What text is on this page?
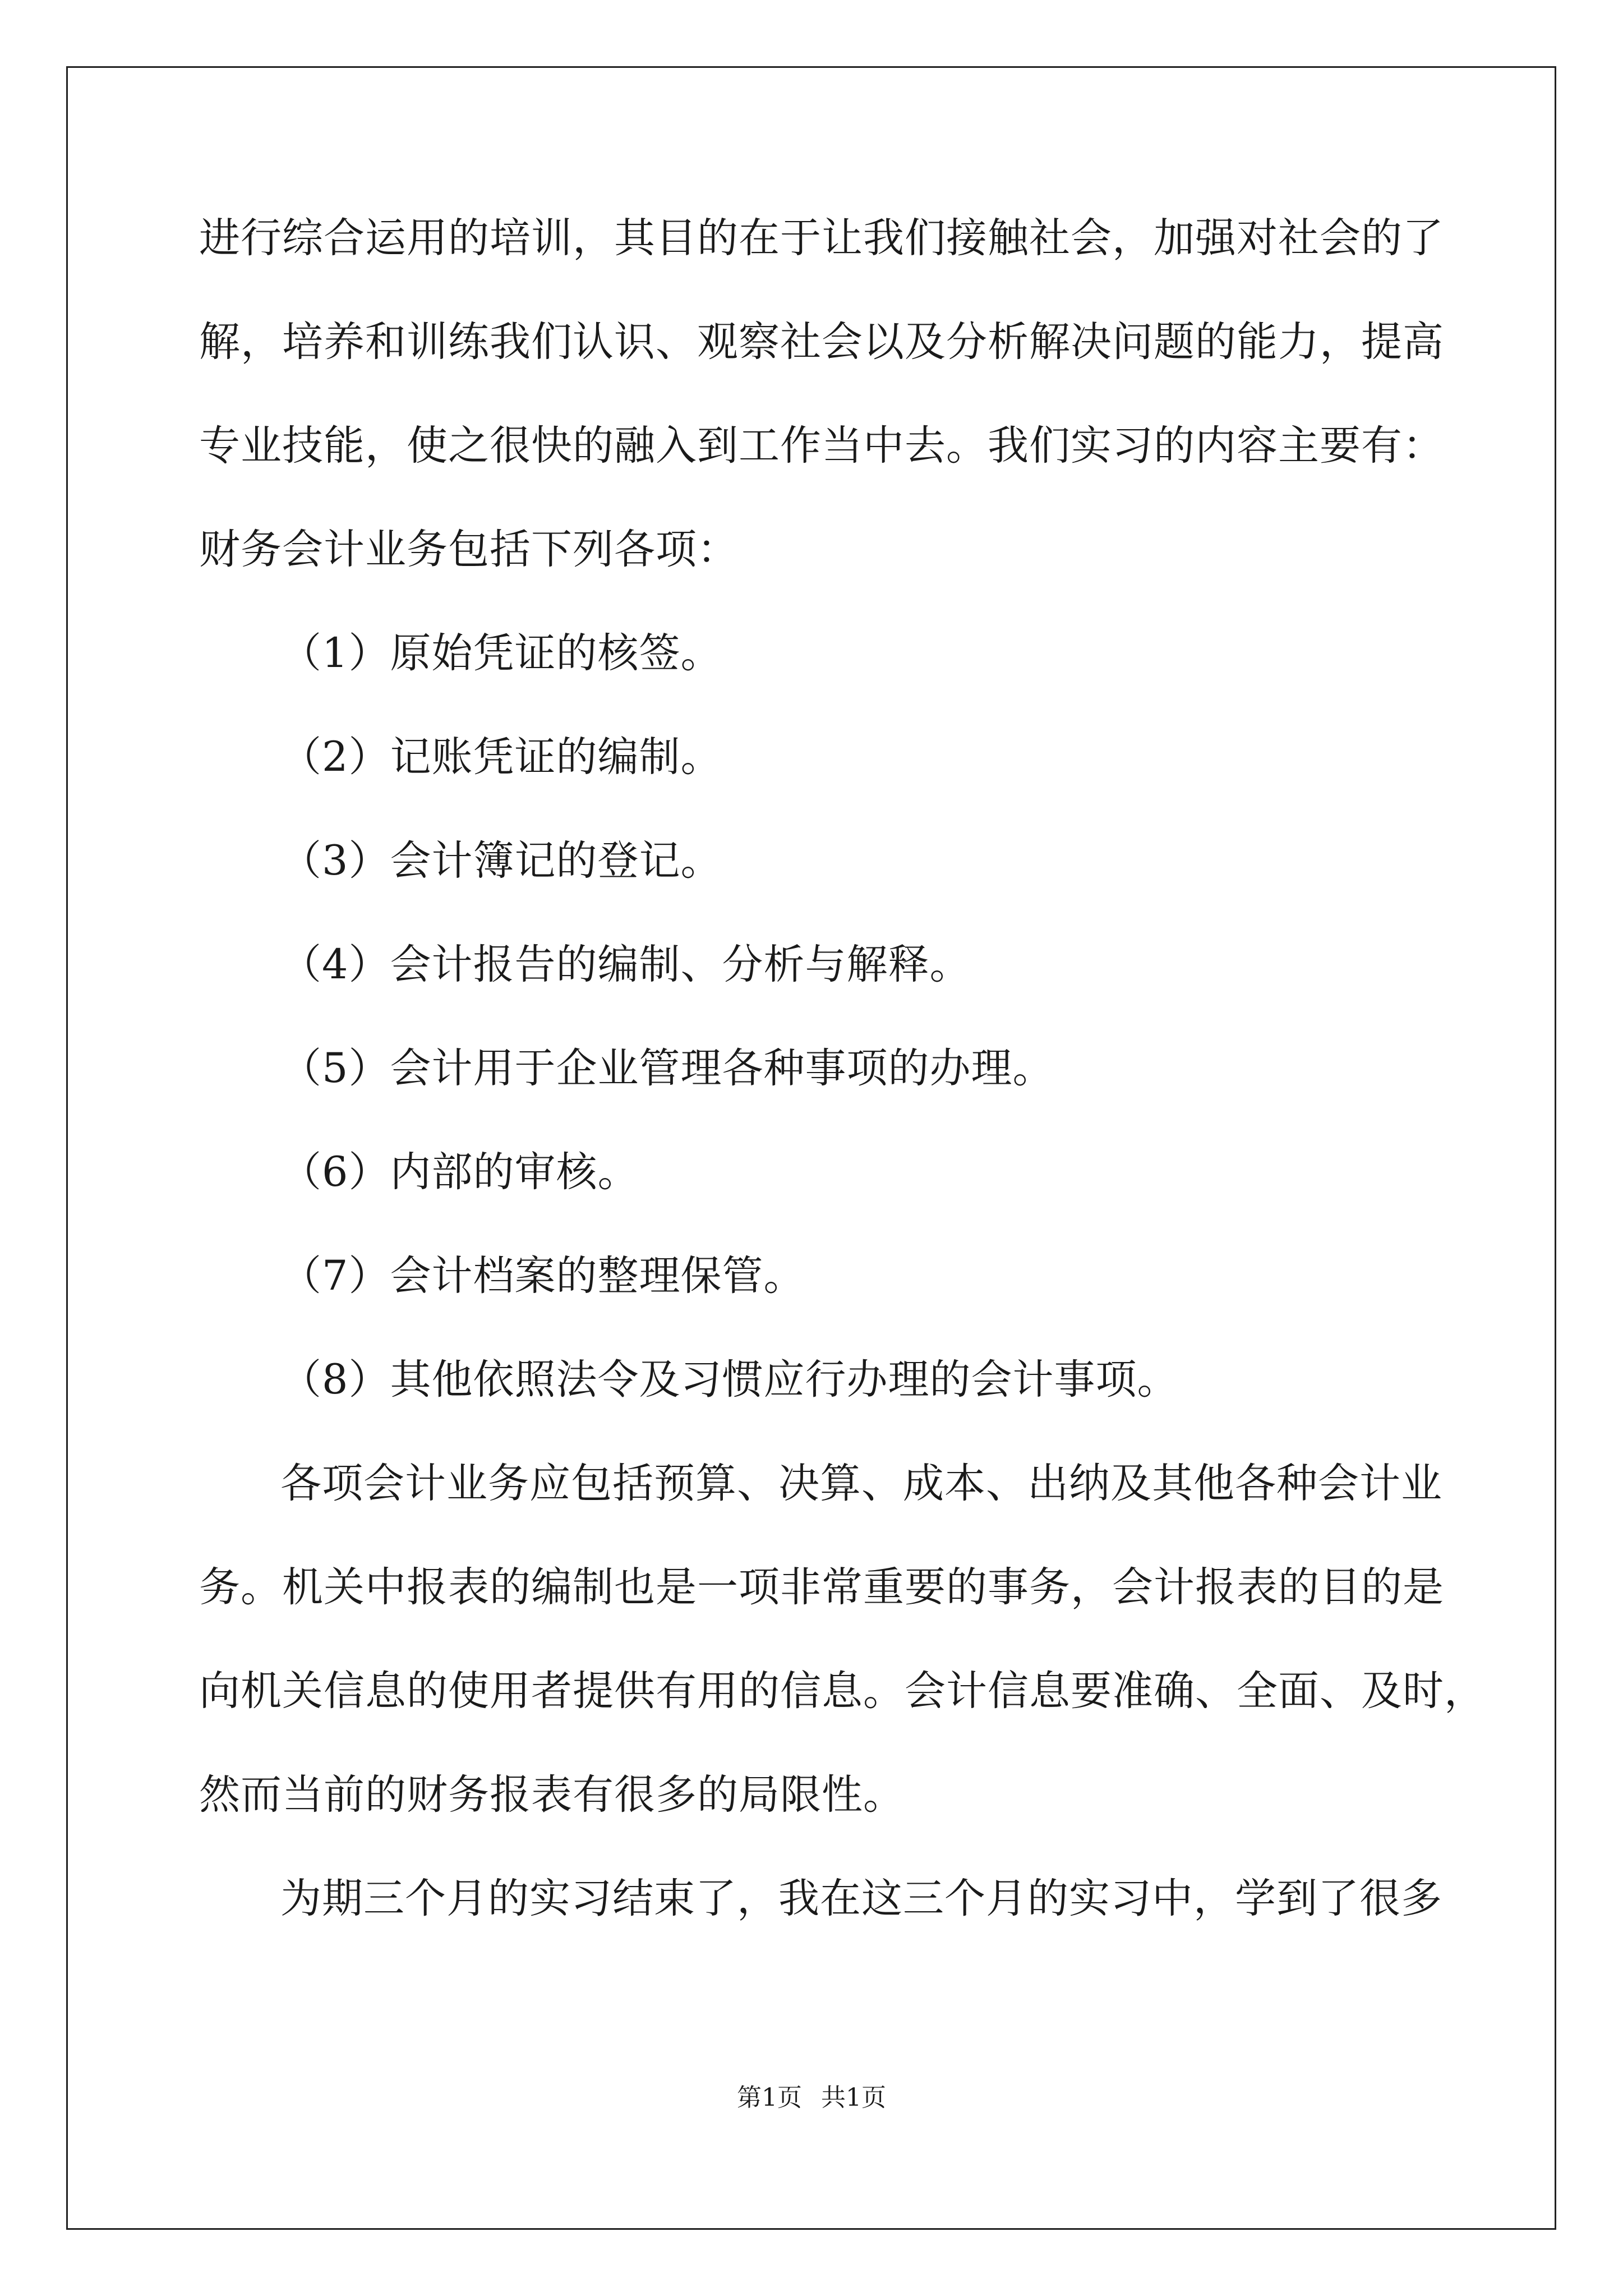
进行综合运用的培训，其目的在于让我们接触社会，加强对社会的了
解，培养和训练我们认识、观察社会以及分析解决问题的能力，提高
专业技能，使之很快的融入到工作当中去。我们实习的内容主要有：
财务会计业务包括下列各项：
（1）原始凭证的核签。
（2）记账凭证的编制。
（3）会计簿记的登记。
（4）会计报告的编制、分析与解释。
（5）会计用于企业管理各种事项的办理。
（6）内部的审核。
（7）会计档案的整理保管。
（8）其他依照法令及习惯应行办理的会计事项。
各项会计业务应包括预算、决算、成本、出纳及其他各种会计业
务。机关中报表的编制也是一项非常重要的事务，会计报表的目的是
向机关信息的使用者提供有用的信息。会计信息要准确、全面、及时，
然而当前的财务报表有很多的局限性。
为期三个月的实习结束了，我在这三个月的实习中，学到了很多
第1页 共1页
